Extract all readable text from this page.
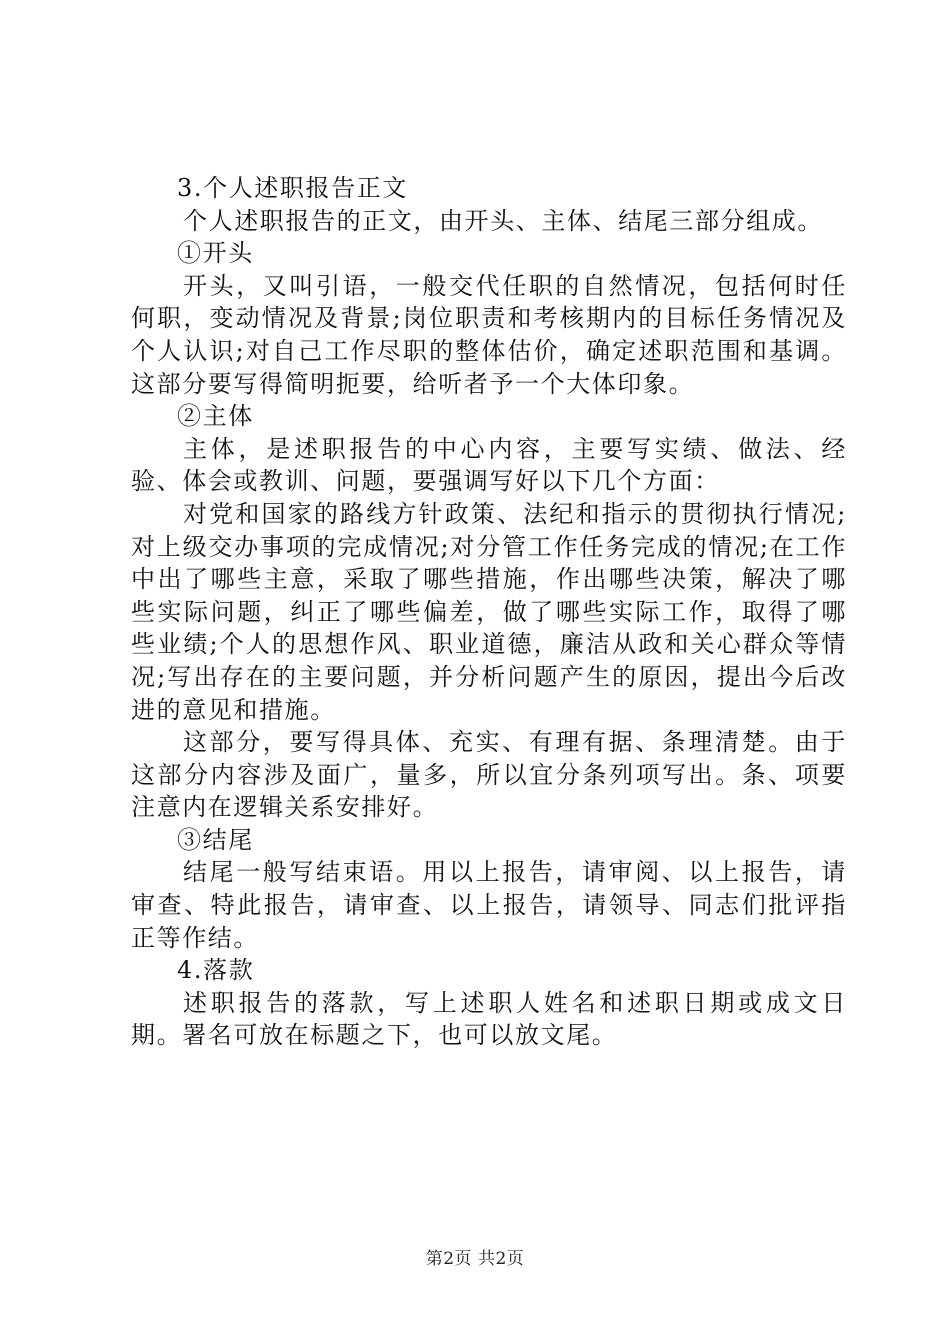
3.个人述职报告正文

个人述职报告的正文，由开头、主体、结尾三部分组成。

①开头

开头，又叫引语，一般交代任职的自然情况，包括何时任何职，变动情况及背景;岗位职责和考核期内的目标任务情况及个人认识;对自己工作尽职的整体估价，确定述职范围和基调。这部分要写得简明扼要，给听者予一个大体印象。

②主体

主体，是述职报告的中心内容，主要写实绩、做法、经验、体会或教训、问题，要强调写好以下几个方面：

对党和国家的路线方针政策、法纪和指示的贯彻执行情况;对上级交办事项的完成情况;对分管工作任务完成的情况;在工作中出了哪些主意，采取了哪些措施，作出哪些决策，解决了哪些实际问题，纠正了哪些偏差，做了哪些实际工作，取得了哪些业绩;个人的思想作风、职业道德，廉洁从政和关心群众等情况;写出存在的主要问题，并分析问题产生的原因，提出今后改进的意见和措施。

这部分，要写得具体、充实、有理有据、条理清楚。由于这部分内容涉及面广，量多，所以宜分条列项写出。条、项要注意内在逻辑关系安排好。

③结尾

结尾一般写结束语。用以上报告，请审阅、以上报告，请审查、特此报告，请审查、以上报告，请领导、同志们批评指正等作结。

4.落款

述职报告的落款，写上述职人姓名和述职日期或成文日期。署名可放在标题之下，也可以放文尾。

第2页 共2页
